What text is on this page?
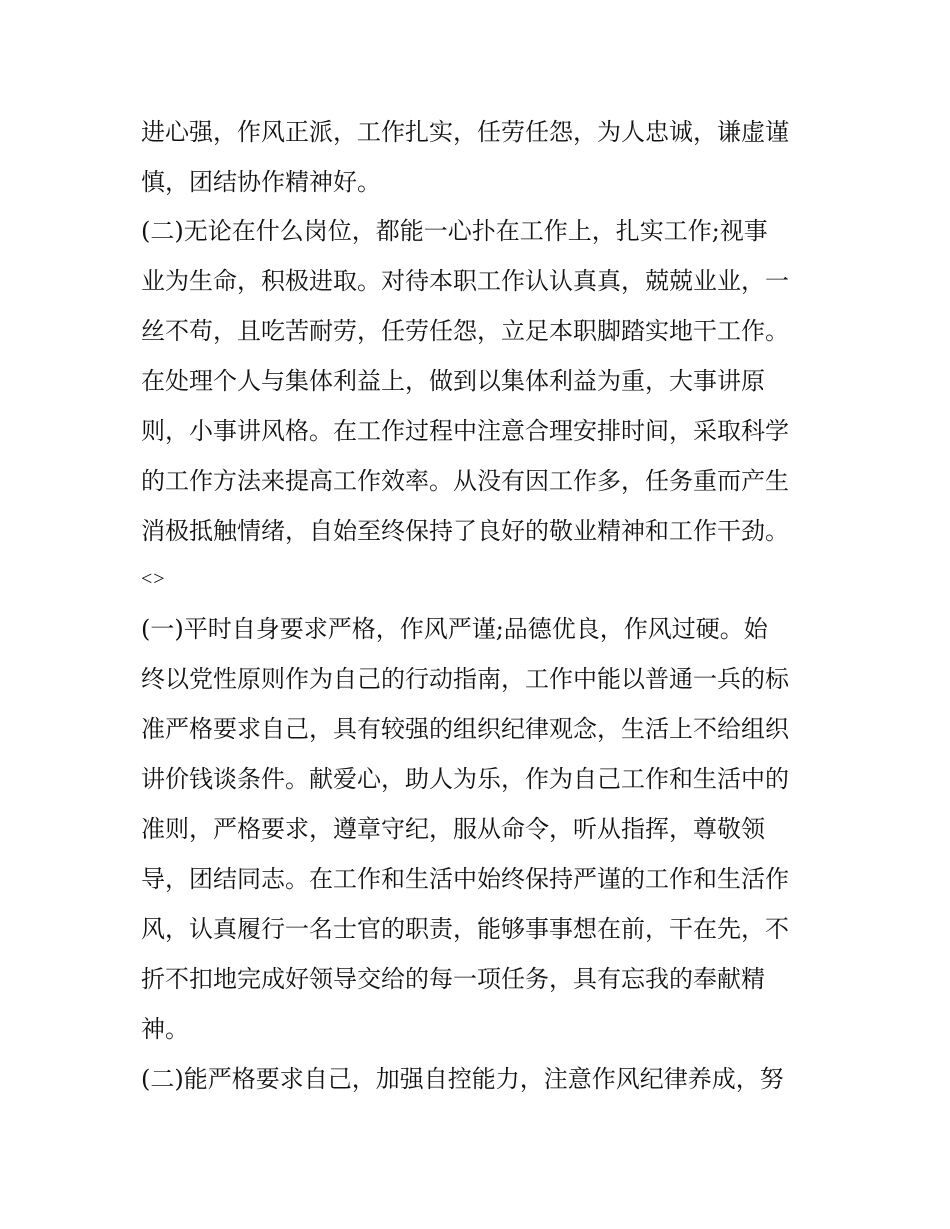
进心强，作风正派，工作扎实，任劳任怨，为人忠诚，谦虚谨

慎，团结协作精神好。

(二)无论在什么岗位，都能一心扑在工作上，扎实工作;视事

业为生命，积极进取。对待本职工作认认真真，兢兢业业，一

丝不苟，且吃苦耐劳，任劳任怨，立足本职脚踏实地干工作。

在处理个人与集体利益上，做到以集体利益为重，大事讲原

则，小事讲风格。在工作过程中注意合理安排时间，采取科学

的工作方法来提高工作效率。从没有因工作多，任务重而产生

消极抵触情绪，自始至终保持了良好的敬业精神和工作干劲。

<>

(一)平时自身要求严格，作风严谨;品德优良，作风过硬。始

终以党性原则作为自己的行动指南，工作中能以普通一兵的标

准严格要求自己，具有较强的组织纪律观念，生活上不给组织

讲价钱谈条件。献爱心，助人为乐，作为自己工作和生活中的

准则，严格要求，遵章守纪，服从命令，听从指挥，尊敬领

导，团结同志。在工作和生活中始终保持严谨的工作和生活作

风，认真履行一名士官的职责，能够事事想在前，干在先，不

折不扣地完成好领导交给的每一项任务，具有忘我的奉献精

神。

(二)能严格要求自己，加强自控能力，注意作风纪律养成，努
